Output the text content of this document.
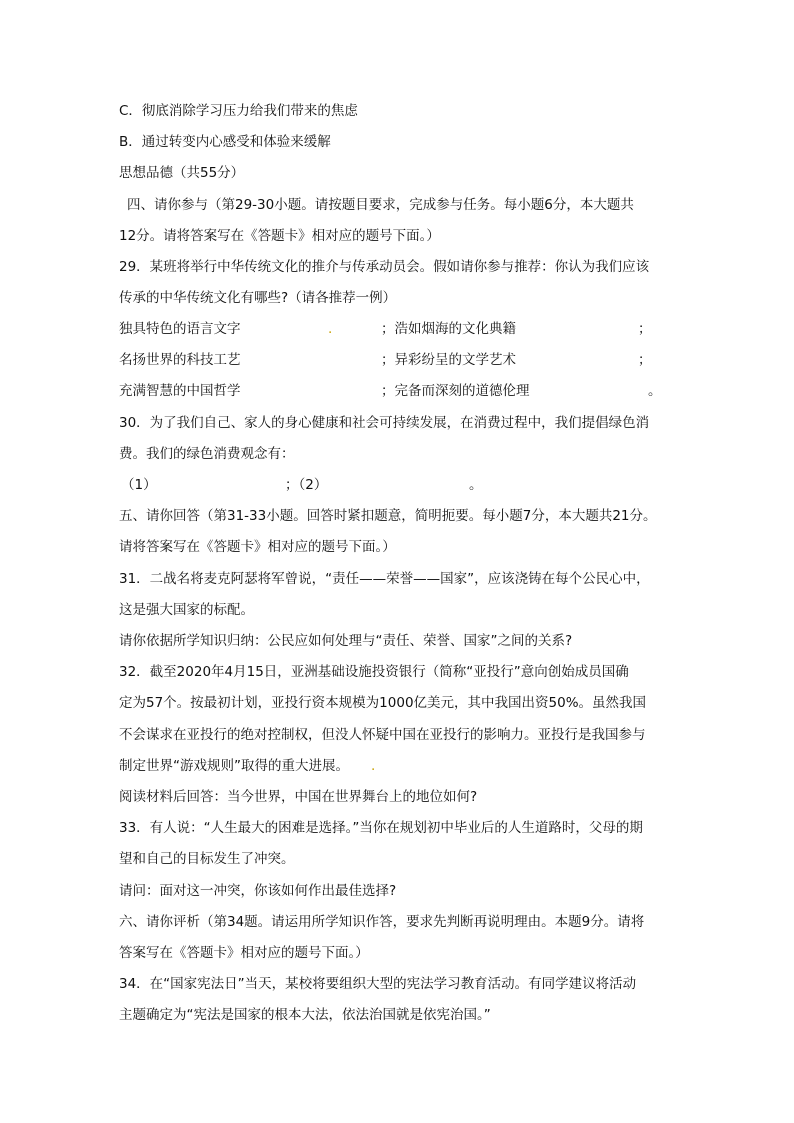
C．彻底消除学习压力给我们带来的焦虑
B．通过转变内心感受和体验来缓解
思想品德（共55分）
四、请你参与（第29-30小题。请按题目要求，完成参与任务。每小题6分，本大题共
12分。请将答案写在《答题卡》相对应的题号下面。）
29．某班将举行中华传统文化的推介与传承动员会。假如请你参与推荐：你认为我们应该
传承的中华传统文化有哪些?（请各推荐一例）
独具特色的语言文字	.	；浩如烟海的文化典籍	；
名扬世界的科技工艺	；异彩纷呈的文学艺术	；
充满智慧的中国哲学	；完备而深刻的道德伦理	。
30．为了我们自己、家人的身心健康和社会可持续发展，在消费过程中，我们提倡绿色消
费。我们的绿色消费观念有：
（1）	；（2）	。
五、请你回答（第31-33小题。回答时紧扣题意，简明扼要。每小题7分，本大题共21分。
请将答案写在《答题卡》相对应的题号下面。）
31．二战名将麦克阿瑟将军曾说，“责任——荣誉——国家”，应该浇铸在每个公民心中，
这是强大国家的标配。
请你依据所学知识归纳：公民应如何处理与“责任、荣誉、国家”之间的关系?
32．截至2020年4月15日，亚洲基础设施投资银行（简称“亚投行”意向创始成员国确
定为57个。按最初计划，亚投行资本规模为1000亿美元，其中我国出资50%。虽然我国
不会谋求在亚投行的绝对控制权，但没人怀疑中国在亚投行的影响力。亚投行是我国参与
制定世界“游戏规则”取得的重大进展。 .
阅读材料后回答：当今世界，中国在世界舞台上的地位如何?
33．有人说：“人生最大的困难是选择。”当你在规划初中毕业后的人生道路时，父母的期
望和自己的目标发生了冲突。
请问：面对这一冲突，你该如何作出最佳选择?
六、请你评析（第34题。请运用所学知识作答，要求先判断再说明理由。本题9分。请将
答案写在《答题卡》相对应的题号下面。）
34．在“国家宪法日”当天，某校将要组织大型的宪法学习教育活动。有同学建议将活动
主题确定为“宪法是国家的根本大法，依法治国就是依宪治国。”
